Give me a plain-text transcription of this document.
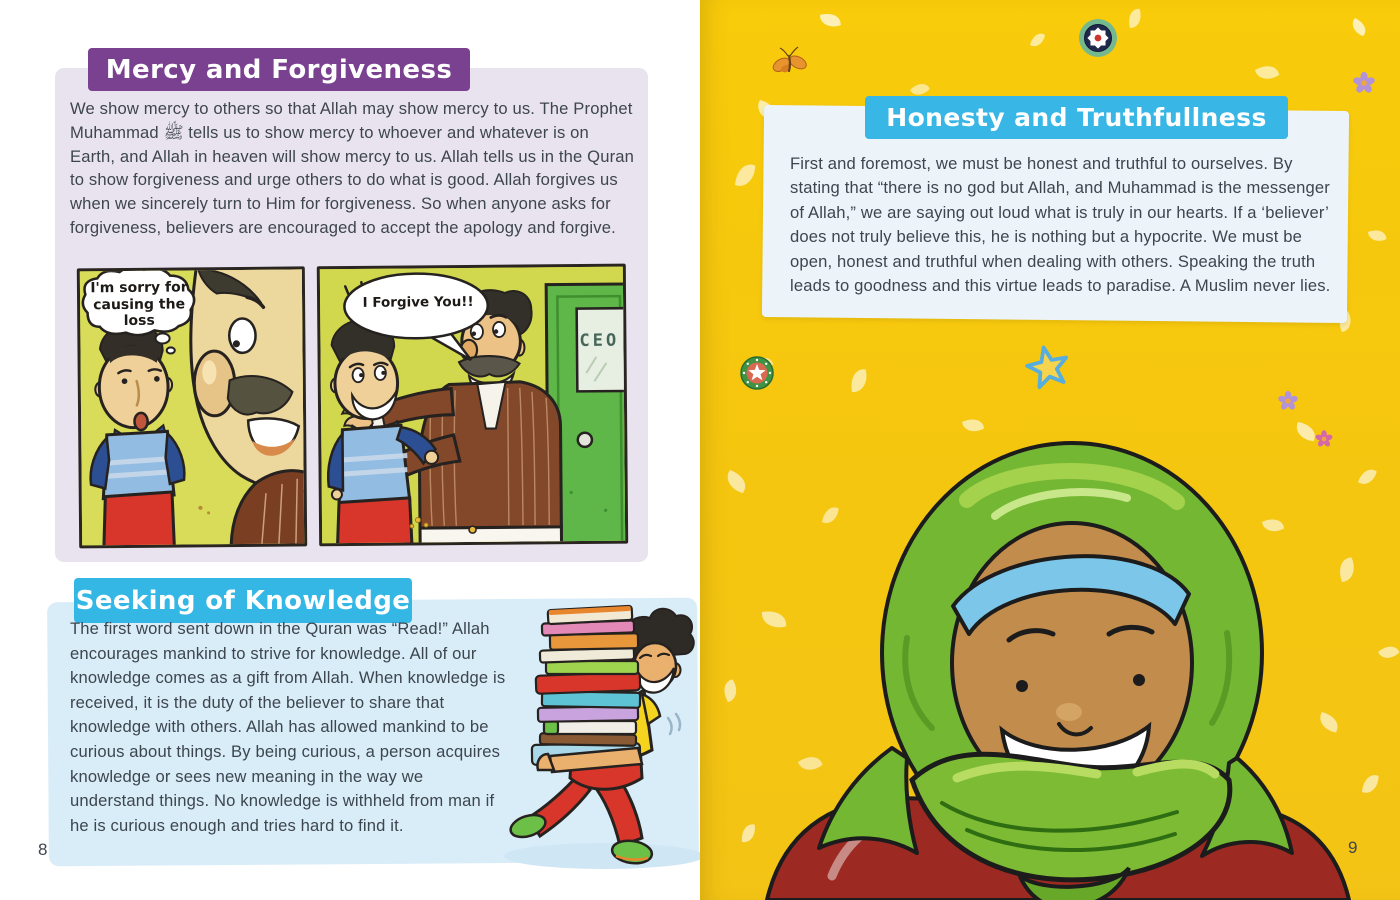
Mercy and Forgiveness

We show mercy to others so that Allah may show mercy to us. The Prophet Muhammad ﷺ tells us to show mercy to whoever and whatever is on Earth, and Allah in heaven will show mercy to us. Allah tells us in the Quran to show forgiveness and urge others to do what is good. Allah forgives us when we sincerely turn to Him for forgiveness. So when anyone asks for forgiveness, believers are encouraged to accept the apology and forgive.

I'm sorry for causing the loss
CEO
I Forgive You!!
Seeking of Knowledge

The first word sent down in the Quran was “Read!” Allah encourages mankind to strive for knowledge. All of our knowledge comes as a gift from Allah. When knowledge is received, it is the duty of the believer to share that knowledge with others. Allah has allowed mankind to be curious about things. By being curious, a person acquires knowledge or sees new meaning in the way we understand things. No knowledge is withheld from man if he is curious enough and tries hard to find it.

8
Honesty and Truthfullness

First and foremost, we must be honest and truthful to ourselves. By stating that “there is no god but Allah, and Muhammad is the messenger of Allah,” we are saying out loud what is truly in our hearts. If a ‘believer’ does not truly believe this, he is nothing but a hypocrite. We must be open, honest and truthful when dealing with others. Speaking the truth leads to goodness and this virtue leads to paradise. A Muslim never lies.

9
